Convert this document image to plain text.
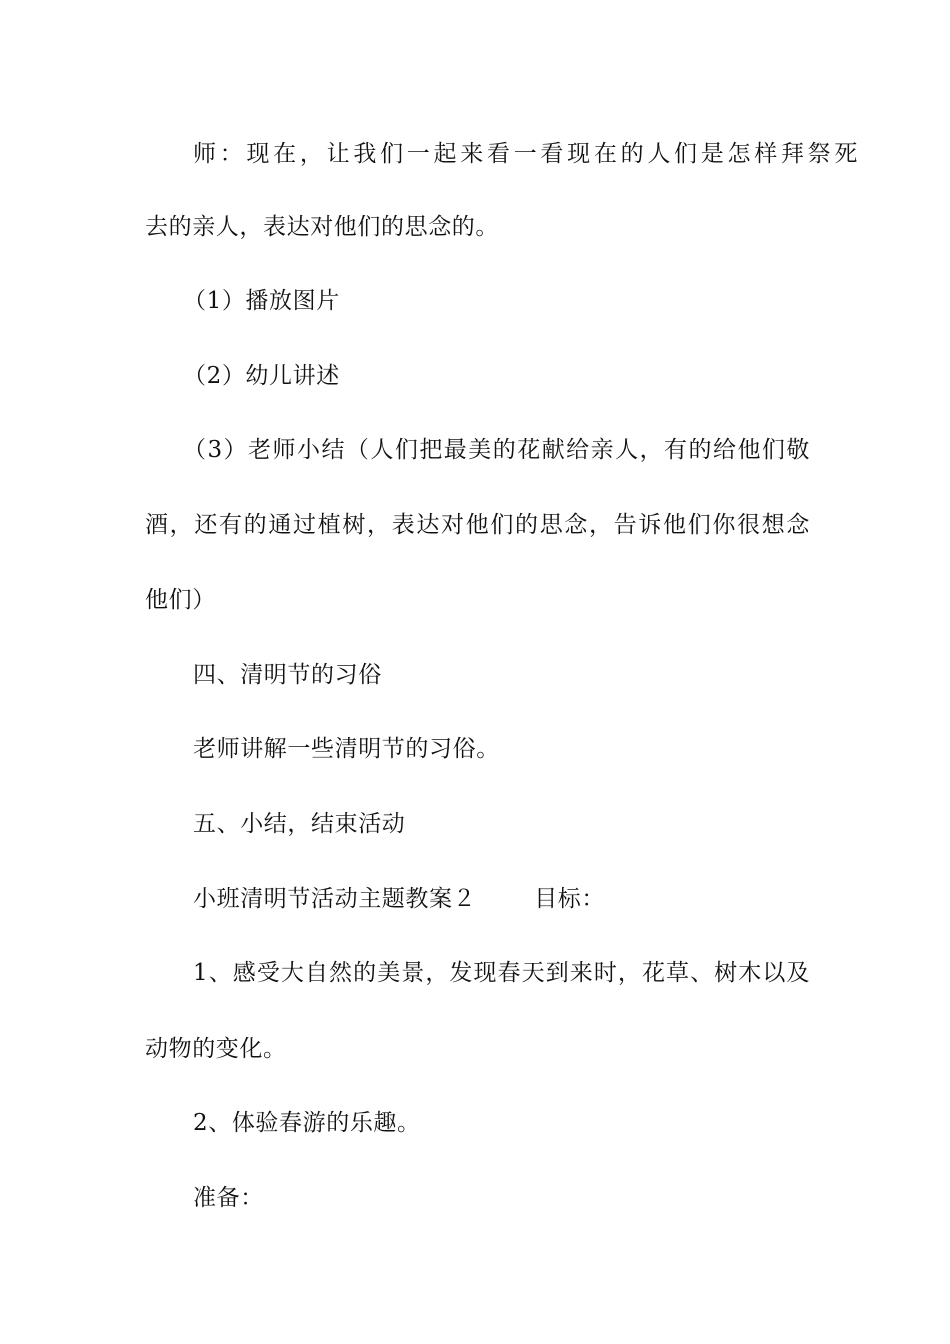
师：现在，让我们一起来看一看现在的人们是怎样拜祭死
去的亲人，表达对他们的思念的。
（1）播放图片
（2）幼儿讲述
（3）老师小结（人们把最美的花献给亲人，有的给他们敬
酒，还有的通过植树，表达对他们的思念，告诉他们你很想念
他们）
四、清明节的习俗
老师讲解一些清明节的习俗。
五、小结，结束活动
小班清明节活动主题教案２	目标：
1、感受大自然的美景，发现春天到来时，花草、树木以及
动物的变化。
2、体验春游的乐趣。
准备：
